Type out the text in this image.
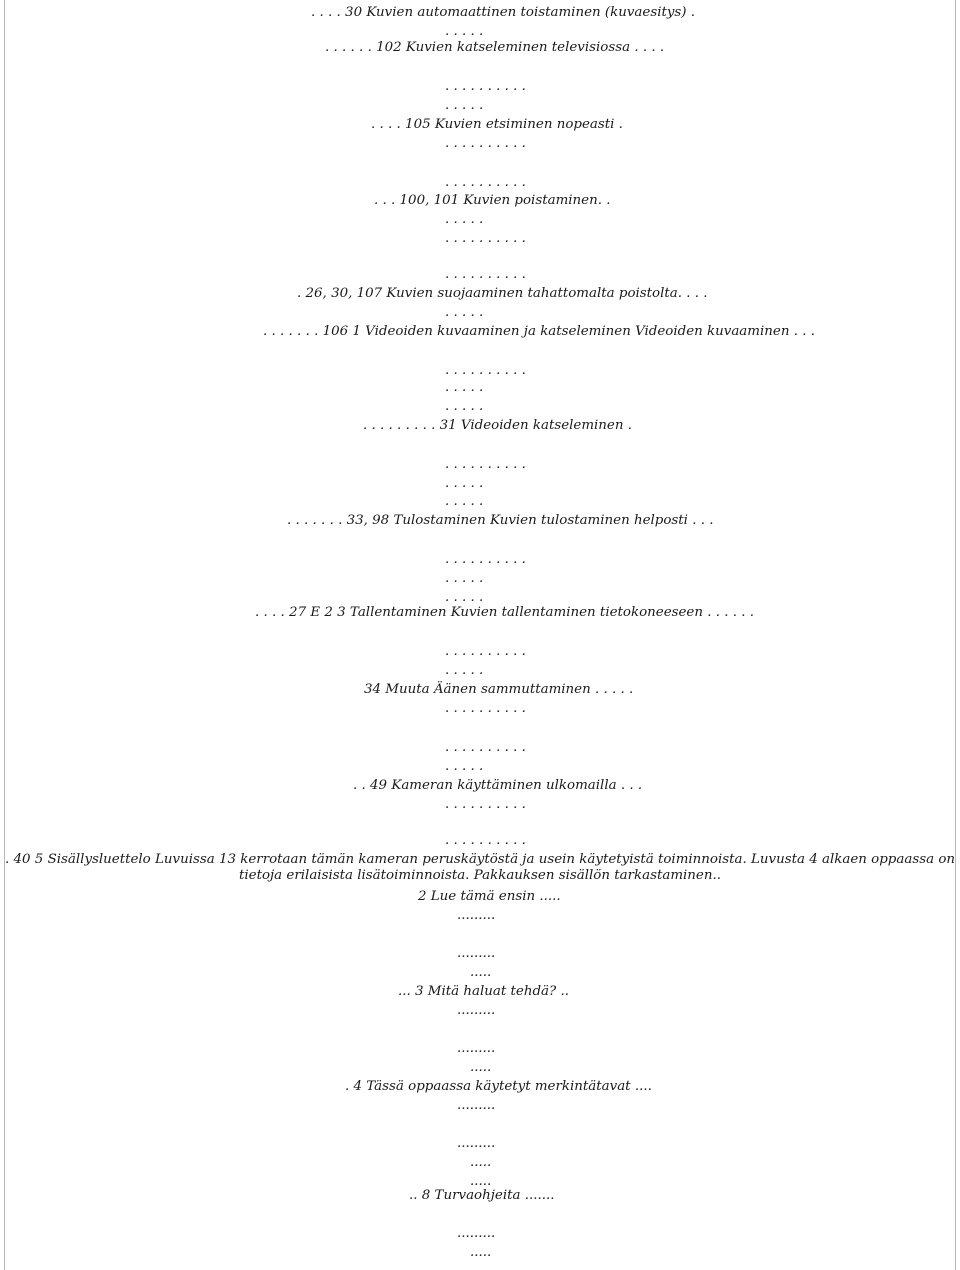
. . . . 30 Kuvien automaattinen toistaminen (kuvaesitys) .
. . . . .
. . . . . . 102 Kuvien katseleminen televisiossa . . . .
. . . . . . . . . .
. . . . .
. . . . 105 Kuvien etsiminen nopeasti .
. . . . . . . . . .
. . . . . . . . . .
. . . 100, 101 Kuvien poistaminen. .
. . . . .
. . . . . . . . . .
. . . . . . . . . .
. 26, 30, 107 Kuvien suojaaminen tahattomalta poistolta. . . .
. . . . .
. . . . . . . 106 1 Videoiden kuvaaminen ja katseleminen Videoiden kuvaaminen . . .
. . . . . . . . . .
. . . . .
. . . . .
. . . . . . . . . 31 Videoiden katseleminen .
. . . . . . . . . .
. . . . .
. . . . .
. . . . . . . 33, 98 Tulostaminen Kuvien tulostaminen helposti . . .
. . . . . . . . . .
. . . . .
. . . . .
. . . . 27 E 2 3 Tallentaminen Kuvien tallentaminen tietokoneeseen . . . . . .
. . . . . . . . . .
. . . . .
34 Muuta Äänen sammuttaminen . . . . .
. . . . . . . . . .
. . . . . . . . . .
. . . . .
. . 49 Kameran käyttäminen ulkomailla . . .
. . . . . . . . . .
. . . . . . . . . .
. 40 5 Sisällysluettelo Luvuissa 13 kerrotaan tämän kameran peruskäytöstä ja usein käytetyistä toiminnoista. Luvusta 4 alkaen oppaassa on tietoja erilaisista lisätoiminnoista. Pakkauksen sisällön tarkastaminen..
2 Lue tämä ensin .....
.........
.........
.....
... 3 Mitä haluat tehdä? ..
.........
.........
.....
. 4 Tässä oppaassa käytetyt merkintätavat ....
.........
.........
.....
.....
.. 8 Turvaohjeita .......
.........
.....
